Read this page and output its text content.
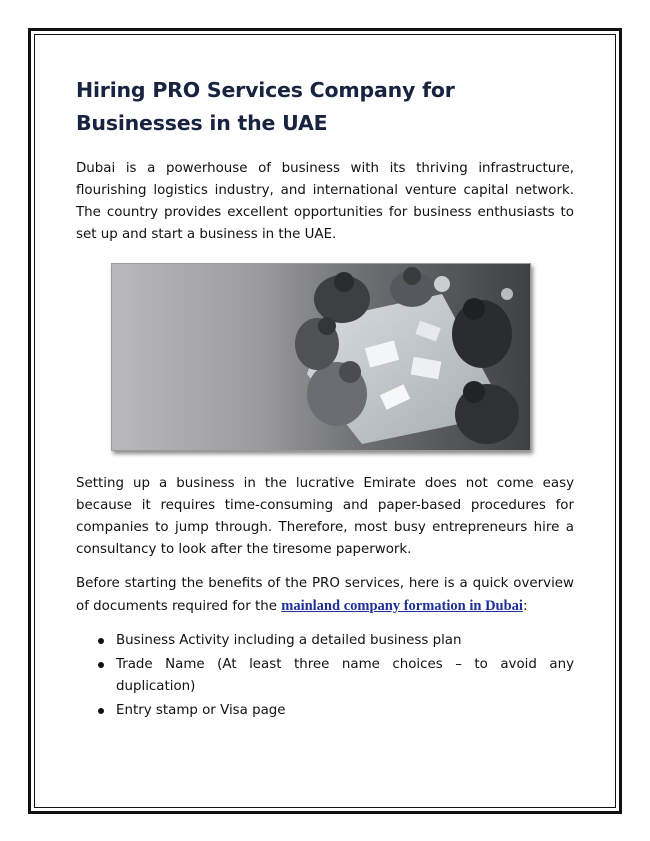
Hiring PRO Services Company for Businesses in the UAE

Dubai is a powerhouse of business with its thriving infrastructure, flourishing logistics industry, and international venture capital network. The country provides excellent opportunities for business enthusiasts to set up and start a business in the UAE.

Setting up a business in the lucrative Emirate does not come easy because it requires time-consuming and paper-based procedures for companies to jump through. Therefore, most busy entrepreneurs hire a consultancy to look after the tiresome paperwork.

Before starting the benefits of the PRO services, here is a quick overview of documents required for the mainland company formation in Dubai:

Business Activity including a detailed business plan
Trade Name (At least three name choices – to avoid any duplication)
Entry stamp or Visa page
